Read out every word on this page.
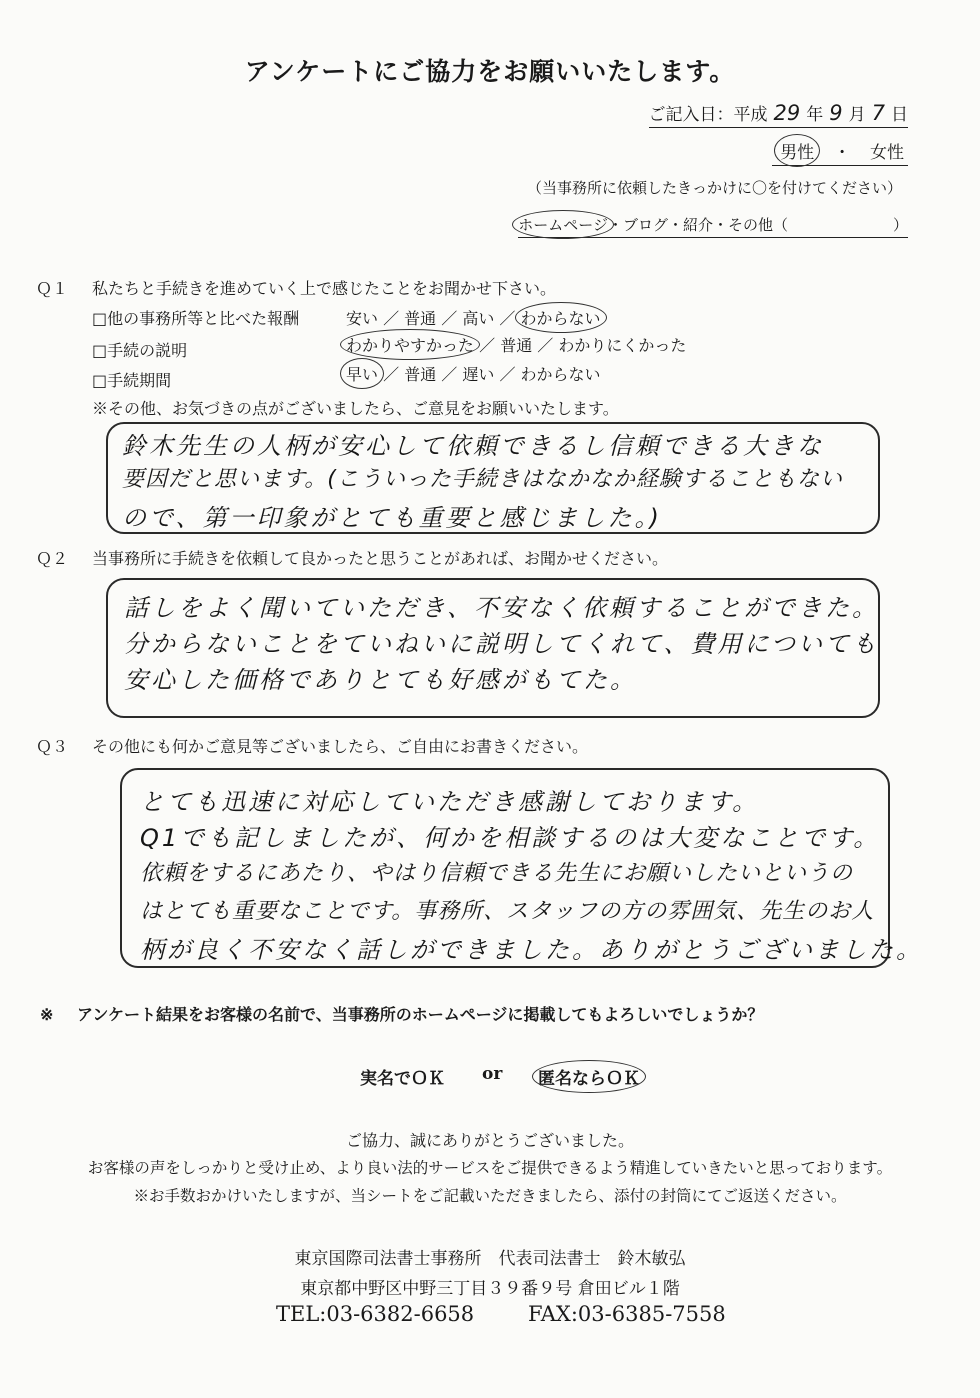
アンケートにご協力をお願いいたします。
ご記入日：平成 29 年 9 月 7 日
男性 ・ 女性
（当事務所に依頼したきっかけに〇を付けてください）
ホームページ・ブログ・紹介・その他（　　　　　　　）
Ｑ１ 私たちと手続きを進めていく上で感じたことをお聞かせ下さい。
□他の事務所等と比べた報酬	安い ／ 普通 ／ 高い ／ わからない
□手続の説明	わかりやすかった ／ 普通 ／ わかりにくかった
□手続期間	早い ／ 普通 ／ 遅い ／ わからない
※その他、お気づきの点がございましたら、ご意見をお願いいたします。
鈴木先生の人柄が安心して依頼できるし信頼できる大きな
要因だと思います。(こういった手続きはなかなか経験することもない
ので、第一印象がとても重要と感じました。)
Ｑ２ 当事務所に手続きを依頼して良かったと思うことがあれば、お聞かせください。
話しをよく聞いていただき、不安なく依頼することができた。
分からないことをていねいに説明してくれて、費用についても
安心した価格でありとても好感がもてた。
Ｑ３ その他にも何かご意見等ございましたら、ご自由にお書きください。
とても迅速に対応していただき感謝しております。
Q1でも記しましたが、何かを相談するのは大変なことです。
依頼をするにあたり、やはり信頼できる先生にお願いしたいというの
はとても重要なことです。事務所、スタッフの方の雰囲気、先生のお人
柄が良く不安なく話しができました。ありがとうございました。
※ アンケート結果をお客様の名前で、当事務所のホームページに掲載してもよろしいでしょうか？
実名でＯＫ or 匿名ならＯＫ
ご協力、誠にありがとうございました。
お客様の声をしっかりと受け止め、より良い法的サービスをご提供できるよう精進していきたいと思っております。
※お手数おかけいたしますが、当シートをご記載いただきましたら、添付の封筒にてご返送ください。
東京国際司法書士事務所　代表司法書士　鈴木敏弘
東京都中野区中野三丁目３９番９号 倉田ビル１階
TEL:03-6382-6658	FAX:03-6385-7558
